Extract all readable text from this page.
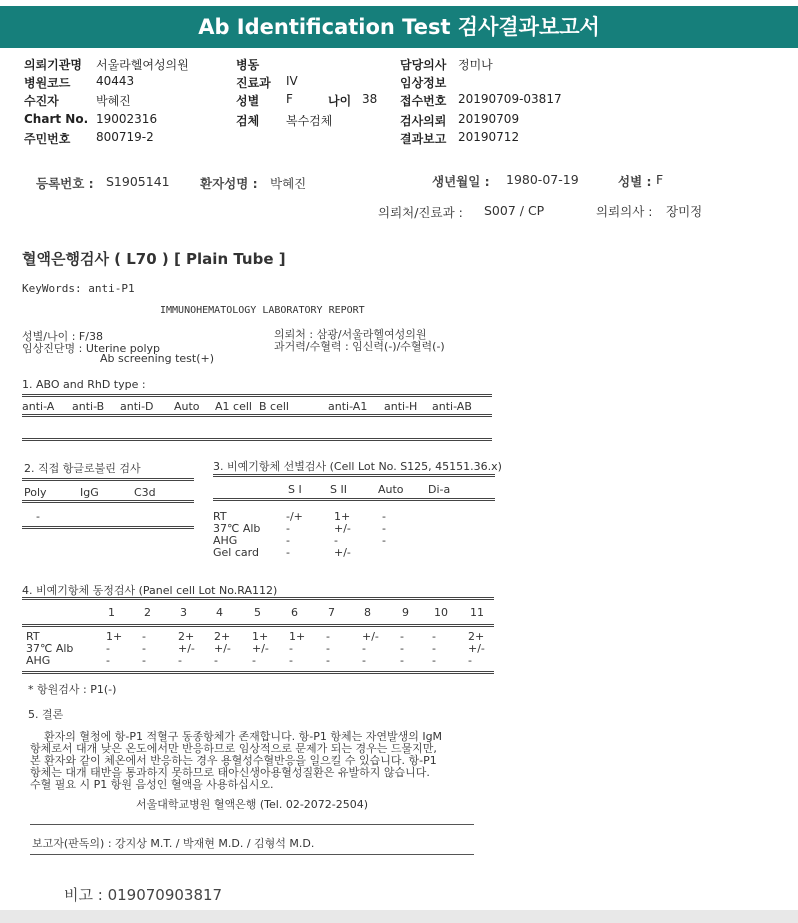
Ab Identification Test 검사결과보고서
의뢰기관명 서울라헬여성의원
병원코드 40443
수진자	박혜진
Chart No. 19002316
주민번호 800719-2
병동
진료과 IV
성별 F
검체 복수검체
나이 38
담당의사 정미나
임상정보
접수번호 20190709-03817
검사의뢰 20190709
결과보고 20190712
등록번호 : S1905141 환자성명 : 박혜진	생년월일 : 1980-07-19	성별 : F
의뢰처/진료과 : S007 / CP	의뢰의사 : 장미정
혈액은행검사 ( L70 ) [ Plain Tube ]
KeyWords: anti-P1
IMMUNOHEMATOLOGY LABORATORY REPORT
성별/나이 : F/38
임상진단명 : Uterine polyp
Ab screening test(+)
의뢰처 : 삼광/서울라헬여성의원
과거력/수혈력 : 임신력(-)/수혈력(-)
1. ABO and RhD type :
anti-A anti-B anti-D Auto A1 cell B cell	anti-A1 anti-H anti-AB
2. 직접 항글로불린 검사
Poly	IgG	C3d
-
3. 비예기항체 선별검사 (Cell Lot No. S125, 45151.36.x)
S I	S II	Auto Di-a
RT	-/+	1+	-
37℃ Alb -	+/-	-
AHG	-	-	-
Gel card -	+/-
4. 비예기항체 동정검사 (Panel cell Lot No.RA112)
1	2	3	4	5	6	7	8	9 10 11
RT	1+ -	2+ 2+ 1+ 1+ -	+/- -	-	2+
37℃ Alb	-	-	+/- +/- +/- -	-	-	-	-	+/-
AHG	-	-	-	-	-	-	-	-	-	-	-
* 항원검사 : P1(-)
5. 결론
환자의 혈청에 항-P1 적혈구 동종항체가 존재합니다. 항-P1 항체는 자연발생의 IgM
항체로서 대개 낮은 온도에서만 반응하므로 임상적으로 문제가 되는 경우는 드물지만,
본 환자와 같이 체온에서 반응하는 경우 용혈성수혈반응을 일으킬 수 있습니다. 항-P1
항체는 대개 태반을 통과하지 못하므로 태아신생아용혈성질환은 유발하지 않습니다.
수혈 필요 시 P1 항원 음성인 혈액을 사용하십시오.
서울대학교병원 혈액은행 (Tel. 02-2072-2504)
보고자(판독의) : 강지상 M.T. / 박재현 M.D. / 김형석 M.D.
비고 : 019070903817
